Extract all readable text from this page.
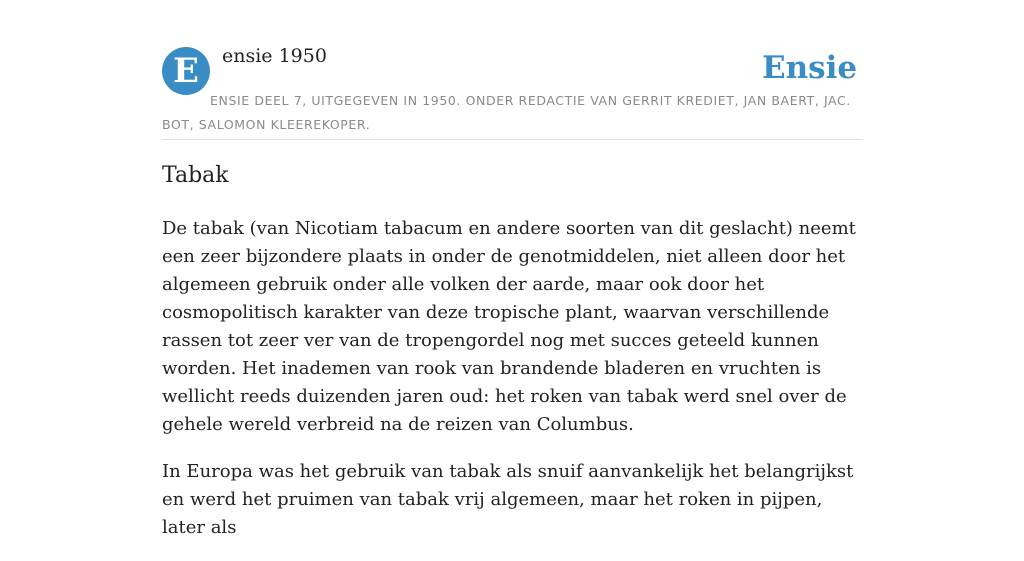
E	ensie 1950	Ensie
ENSIE DEEL 7, UITGEGEVEN IN 1950. ONDER REDACTIE VAN GERRIT KREDIET, JAN BAERT, JAC. BOT, SALOMON KLEEREKOPER.
Tabak

De tabak (van Nicotiam tabacum en andere soorten van dit geslacht) neemt een zeer bijzondere plaats in onder de genotmiddelen, niet alleen door het algemeen gebruik onder alle volken der aarde, maar ook door het cosmopolitisch karakter van deze tropische plant, waarvan verschillende rassen tot zeer ver van de tropengordel nog met succes geteeld kunnen worden. Het inademen van rook van brandende bladeren en vruchten is wellicht reeds duizenden jaren oud: het roken van tabak werd snel over de gehele wereld verbreid na de reizen van Columbus.

In Europa was het gebruik van tabak als snuif aanvankelijk het belangrijkst en werd het pruimen van tabak vrij algemeen, maar het roken in pijpen, later als
